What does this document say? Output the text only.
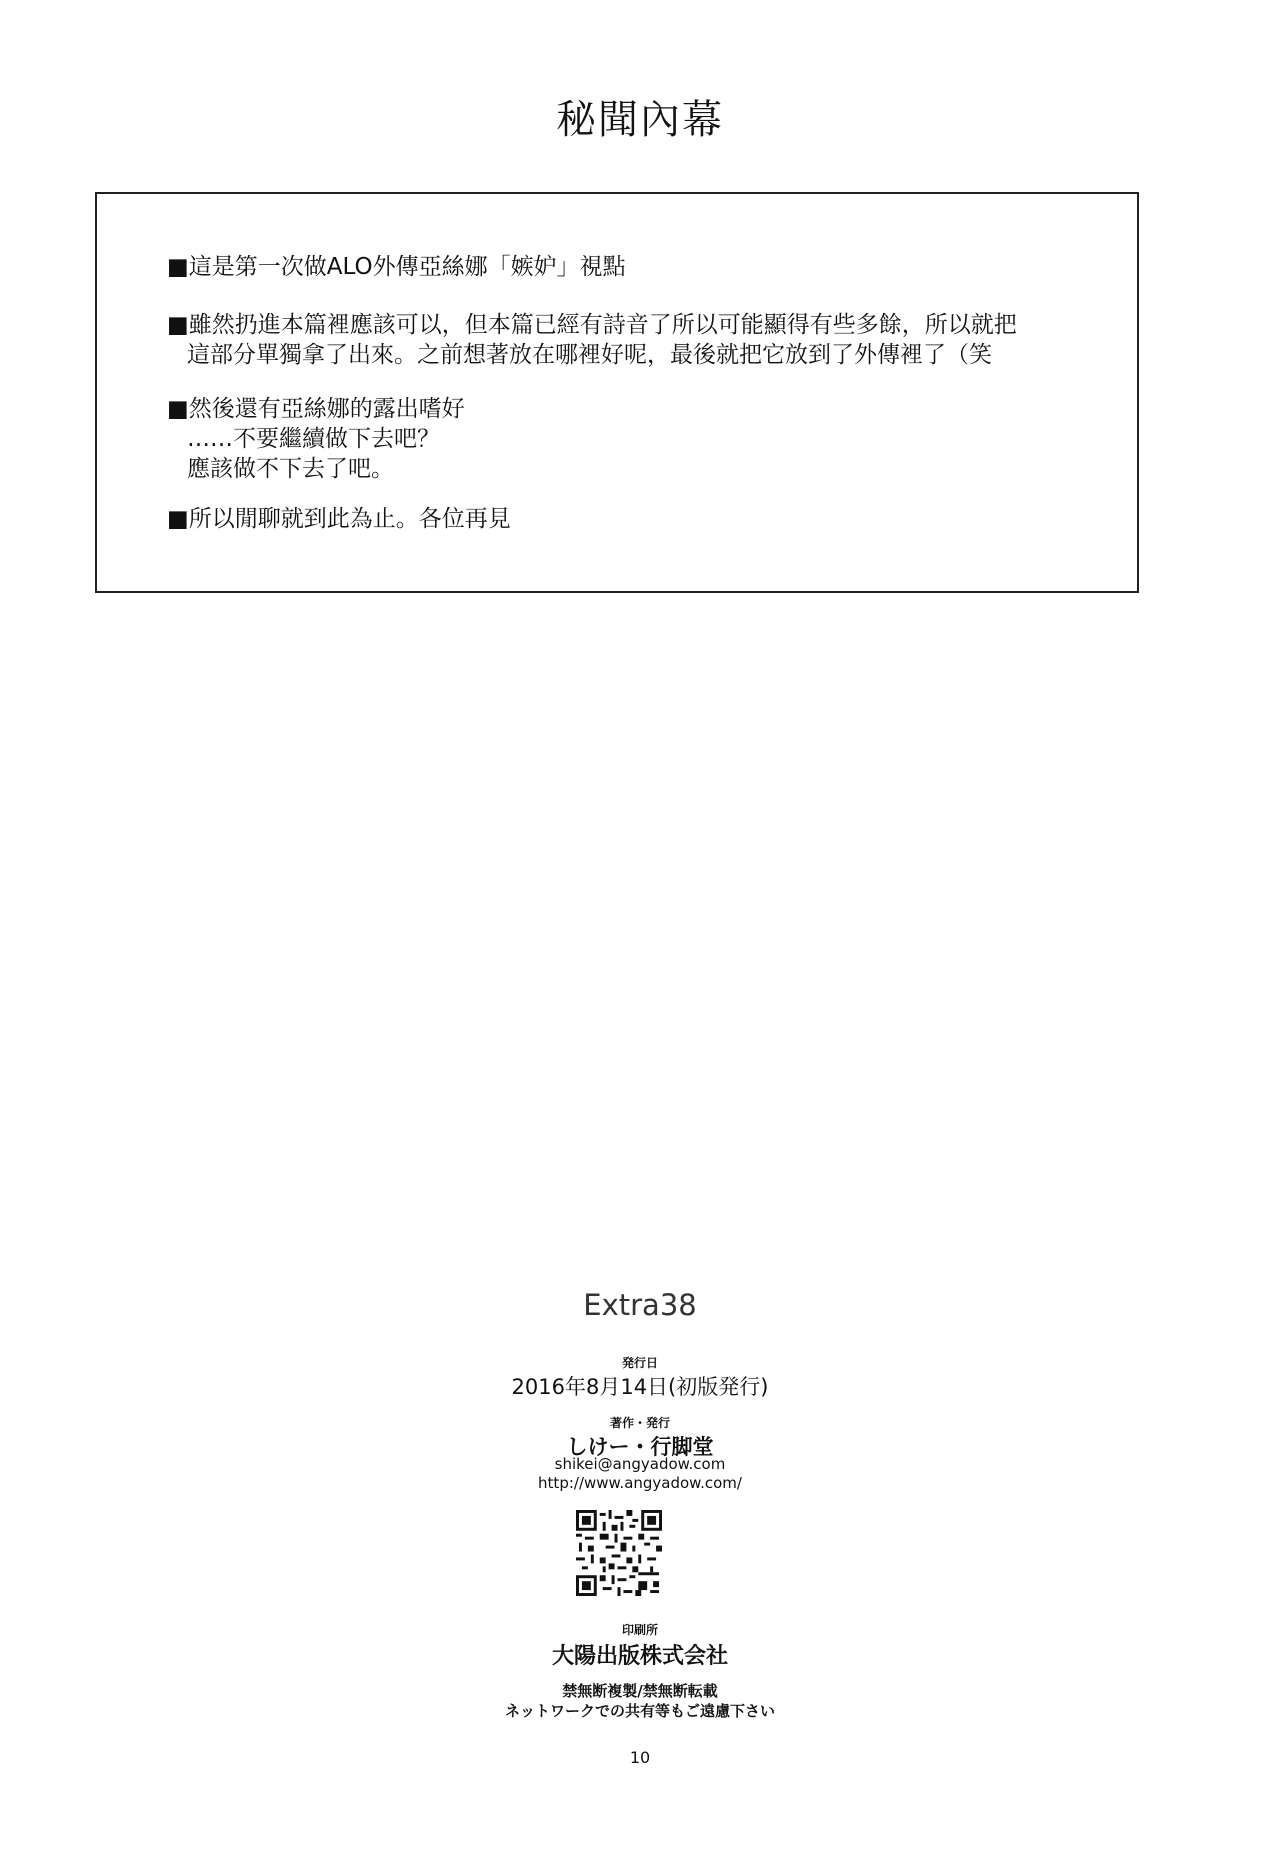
秘聞內幕
■這是第一次做ALO外傳亞絲娜「嫉妒」視點
■雖然扔進本篇裡應該可以，但本篇已經有詩音了所以可能顯得有些多餘，所以就把
這部分單獨拿了出來。之前想著放在哪裡好呢，最後就把它放到了外傳裡了（笑
■然後還有亞絲娜的露出嗜好
……不要繼續做下去吧？
應該做不下去了吧。
■所以閒聊就到此為止。各位再見
Extra38
発行日
2016年8月14日(初版発行)
著作・発行
しけー・行脚堂
shikei@angyadow.com
http://www.angyadow.com/
印刷所
大陽出版株式会社
禁無断複製/禁無断転載
ネットワークでの共有等もご遠慮下さい
10
